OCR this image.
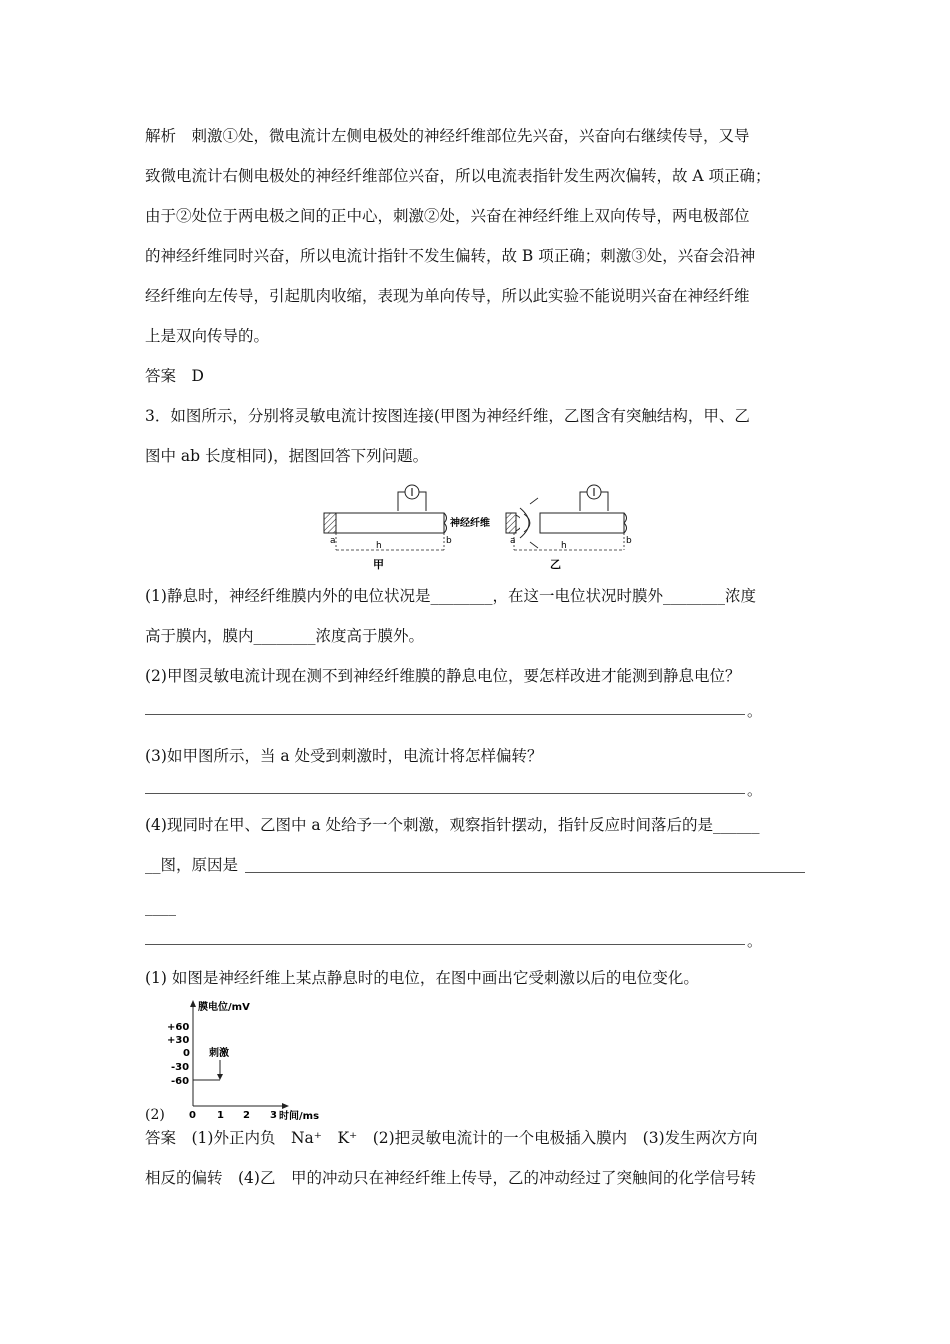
解析　刺激①处，微电流计左侧电极处的神经纤维部位先兴奋，兴奋向右继续传导，又导
致微电流计右侧电极处的神经纤维部位兴奋，所以电流表指针发生两次偏转，故 A 项正确；
由于②处位于两电极之间的正中心，刺激②处，兴奋在神经纤维上双向传导，两电极部位
的神经纤维同时兴奋，所以电流计指针不发生偏转，故 B 项正确；刺激③处，兴奋会沿神
经纤维向左传导，引起肌肉收缩，表现为单向传导，所以此实验不能说明兴奋在神经纤维
上是双向传导的。
答案　D
3．如图所示，分别将灵敏电流计按图连接(甲图为神经纤维，乙图含有突触结构，甲、乙
图中 ab 长度相同)，据图回答下列问题。
a	b
h
甲
神经纤维
a	b
h
乙
(1)静息时，神经纤维膜内外的电位状况是________，在这一电位状况时膜外________浓度
高于膜内，膜内________浓度高于膜外。
(2)甲图灵敏电流计现在测不到神经纤维膜的静息电位，要怎样改进才能测到静息电位？
。
(3)如甲图所示，当 a 处受到刺激时，电流计将怎样偏转？
。
(4)现同时在甲、乙图中 a 处给予一个刺激，观察指针摆动，指针反应时间落后的是______
__图，原因是
____
。
(1) 如图是神经纤维上某点静息时的电位，在图中画出它受刺激以后的电位变化。
膜电位/mV
时间/ms
+60
+30
0
-30
-60
0 1 2 3
刺激
(2)
答案　(1)外正内负　Na⁺　K⁺　(2)把灵敏电流计的一个电极插入膜内　(3)发生两次方向
相反的偏转　(4)乙　甲的冲动只在神经纤维上传导，乙的冲动经过了突触间的化学信号转
